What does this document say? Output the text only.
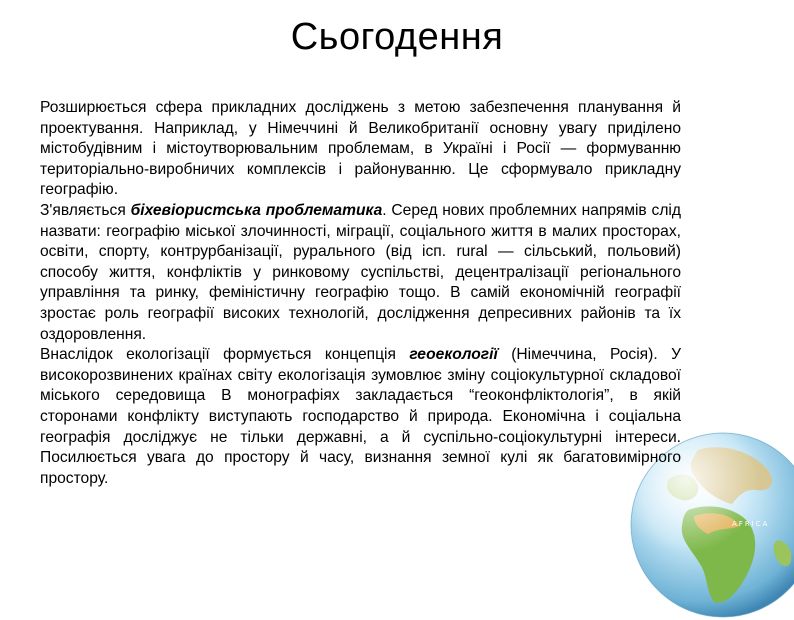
Сьогодення

Розширюється сфера прикладних досліджень з метою забезпечення планування й проектування. Наприклад, у Німеччині й Великобританії основну увагу приділено містобудівним і містоутворювальним проблемам, в Україні і Росії — формуванню територіально-виробничих комплексів і районуванню. Це сформувало прикладну географію.

З'являється біхевіористська проблематика. Серед нових проблемних напрямів слід назвати: географію міської злочинності, міграції, соціального життя в малих просторах, освіти, спорту, контрурбанізації, рурального (від ісп. rural — сільський, польовий) способу життя, конфліктів у ринковому суспільстві, децентралізації регіонального управління та ринку, феміністичну географію тощо. В самій економічній географії зростає роль географії високих технологій, дослідження депресивних районів та їх оздоровлення.

Внаслідок екологізації формується концепція геоекології (Німеччина, Росія). У високорозвинених країнах світу екологізація зумовлює зміну соціокультурної складової міського середовища В монографіях закладається “геоконфліктологія”, в якій сторонами конфлікту виступають господарство й природа. Економічна і соціальна географія досліджує не тільки державні, а й суспільно-соціокультурні інтереси. Посилюється увага до простору й часу, визнання земної кулі як багатовимірного простору.
